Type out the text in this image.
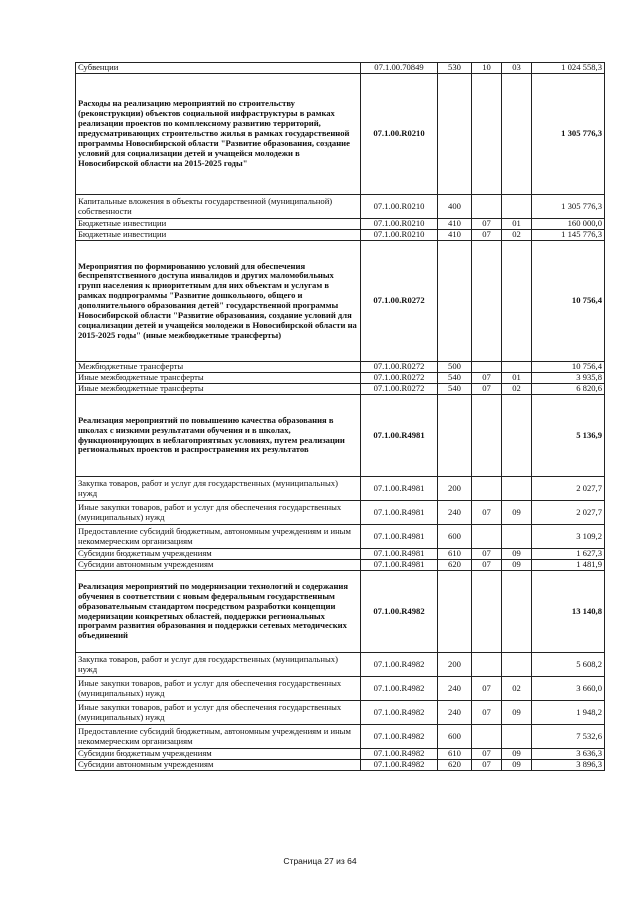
Субвенции	07.1.00.70849	530	10	03	1 024 558,3
Расходы на реализацию мероприятий по строительству (реконструкции) объектов социальной инфраструктуры в рамках реализации проектов по комплексному развитию территорий, предусматривающих строительство жилья в рамках государственной программы Новосибирской области "Развитие образования, создание условий для социализации детей и учащейся молодежи в Новосибирской области на 2015-2025 годы"	07.1.00.R0210				1 305 776,3
Капитальные вложения в объекты государственной (муниципальной) собственности	07.1.00.R0210	400			1 305 776,3
Бюджетные инвестиции	07.1.00.R0210	410	07	01	160 000,0
Бюджетные инвестиции	07.1.00.R0210	410	07	02	1 145 776,3
Мероприятия по формированию условий для обеспечения беспрепятственного доступа инвалидов и других маломобильных групп населения к приоритетным для них объектам и услугам в рамках подпрограммы "Развитие дошкольного, общего и дополнительного образования детей" государственной программы Новосибирской области "Развитие образования, создание условий для социализации детей и учащейся молодежи в Новосибирской области на 2015-2025 годы" (иные межбюджетные трансферты)	07.1.00.R0272				10 756,4
Межбюджетные трансферты	07.1.00.R0272	500			10 756,4
Иные межбюджетные трансферты	07.1.00.R0272	540	07	01	3 935,8
Иные межбюджетные трансферты	07.1.00.R0272	540	07	02	6 820,6
Реализация мероприятий по повышению качества образования в школах с низкими результатами обучения и в школах, функционирующих в неблагоприятных условиях, путем реализации региональных проектов и распространения их результатов	07.1.00.R4981				5 136,9
Закупка товаров, работ и услуг для государственных (муниципальных) нужд	07.1.00.R4981	200			2 027,7
Иные закупки товаров, работ и услуг для обеспечения государственных (муниципальных) нужд	07.1.00.R4981	240	07	09	2 027,7
Предоставление субсидий бюджетным, автономным учреждениям и иным некоммерческим организациям	07.1.00.R4981	600			3 109,2
Субсидии бюджетным учреждениям	07.1.00.R4981	610	07	09	1 627,3
Субсидии автономным учреждениям	07.1.00.R4981	620	07	09	1 481,9
Реализация мероприятий по модернизации технологий и содержания обучения в соответствии с новым федеральным государственным образовательным стандартом посредством разработки концепции модернизации конкретных областей, поддержки региональных программ развития образования и поддержки сетевых методических объединений	07.1.00.R4982				13 140,8
Закупка товаров, работ и услуг для государственных (муниципальных) нужд	07.1.00.R4982	200			5 608,2
Иные закупки товаров, работ и услуг для обеспечения государственных (муниципальных) нужд	07.1.00.R4982	240	07	02	3 660,0
Иные закупки товаров, работ и услуг для обеспечения государственных (муниципальных) нужд	07.1.00.R4982	240	07	09	1 948,2
Предоставление субсидий бюджетным, автономным учреждениям и иным некоммерческим организациям	07.1.00.R4982	600			7 532,6
Субсидии бюджетным учреждениям	07.1.00.R4982	610	07	09	3 636,3
Субсидии автономным учреждениям	07.1.00.R4982	620	07	09	3 896,3
Страница 27 из 64
